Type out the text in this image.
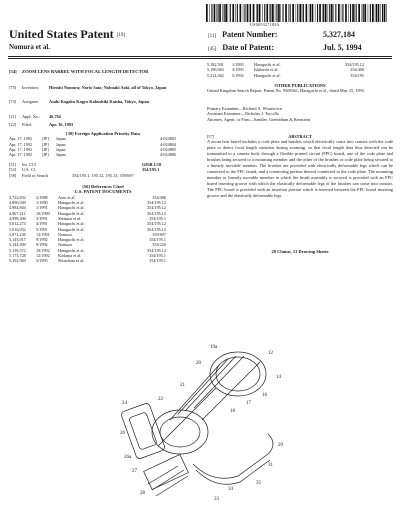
US005327184A
United States Patent [19]
Nomura et al.
[11] Patent Number:	5,327,184
[45] Date of Patent:	Jul. 5, 1994
[54] ZOOM LENS BARREL WITH FOCAL LENGTH DETECTOR
[75] Inventors: Hiroshi Nomura; Norio Sato; Nobuaki Aoki, all of Tokyo, Japan
[73] Assignee: Asahi Kogaku Kogyo Kabushiki Kaisha, Tokyo, Japan
[21] Appl. No.: 46,794
[22] Filed:	Apr. 16, 1993
[30] Foreign Application Priority Data
Apr. 17, 1992	[JP]	Japan	4-024803
Apr. 17, 1992	[JP]	Japan	4-024804
Apr. 17, 1992	[JP]	Japan	4-024805
Apr. 17, 1992	[JP]	Japan	4-024806
[51]	Int. Cl.5	G03B 1/18
[52]	U.S. Cl.	354/195.1
[58]	Field of Search	354/195.1, 195.12, 195.13; 359/697
[56] References Cited
U.S. PATENT DOCUMENTS
4,722,832	2/1988	Aoto et al.	354/406
4,896,949	1/1990	Haraguchi et al.	354/195.12
4,984,604	1/1991	Haraguchi et al.	354/195.12
4,967,211	10/1990	Haraguchi et al.	354/195.12
4,998,496	3/1991	Shimizu et al.	354/195.1
5,012,274	4/1991	Haraguchi et al.	354/195.12
5,016,032	5/1991	Haraguchi et al.	354/195.12
5,071,246	12/1991	Nomura	359/697
5,145,017	9/1992	Haraguchi et al.	354/195.1
5,144,409	9/1992	Nomura	354/220
5,159,372	10/1992	Haraguchi et al.	354/195.12
5,173,728	12/1992	Kodama et al.	354/195.1
5,192,964	3/1993	Shinohara et al.	354/195.1
5,182,591	1/1993	Haraguchi et al.	354/195.12
5,196,963	3/1993	Ishibashi et al.	354/400
5,214,462	5/1993	Haraguchi et al.	354/195
OTHER PUBLICATIONS
United Kingdom Search Report, Patent No. 9308361, Haraguchi et al., dated May 25, 1993.
Primary Examiner—Richard A. Wintercorn
Assistant Examiner—Nicholas J. Tuccillo
Attorney, Agent, or Firm—Sandler, Greenblum & Bernstein
[57]	ABSTRACT
A zoom lens barrel includes a code plate and brushes which electrically come into contact with the code plate to detect focal length variation during zooming, so that focal length data thus detected can be transmitted to a camera body through a flexible printed circuit (FPC) board, one of the code plate and brushes being secured to a mounting member and the other of the brushes or code plate being secured to a linearly movable member. The brushes are provided with electrically deformable legs which can be connected to the FPC board, and a connecting portion thereof connected to the code plate. The mounting member or linearly movable member to which the brush assembly is secured is provided with an FPC board inserting groove with which the elastically deformable legs of the brushes can come into contact. The FPC board is provided with an insertion portion which is inserted between the FPC board inserting groove and the elastically deformable legs.
28 Claims, 13 Drawing Sheets
12
14
16
17
18
19a
20
21
22
24
26
27
28
33
34
35
26a
31
29
